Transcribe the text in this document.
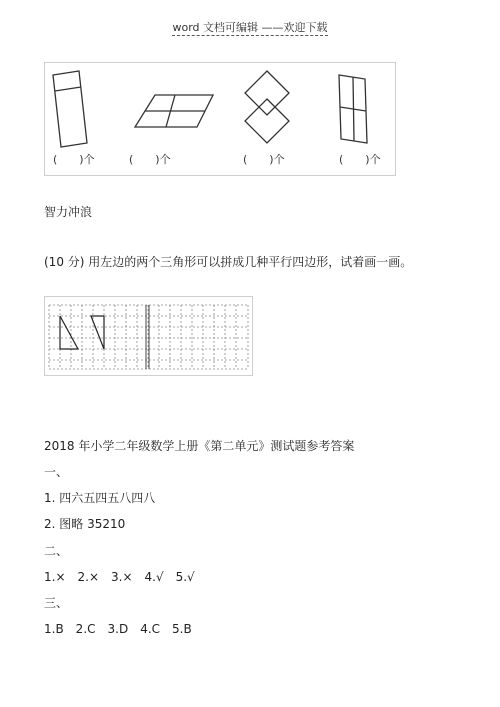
word 文档可编辑 ——欢迎下载
(　　)个	(　　)个	(　　)个	(　　)个
智力冲浪
(10 分) 用左边的两个三角形可以拼成几种平行四边形，试着画一画。
2018 年小学二年级数学上册《第二单元》测试题参考答案
一、
1. 四六五四五八四八
2. 图略 35210
二、
1.×　2.×　3.×　4.√　5.√
三、
1.B　2.C　3.D　4.C　5.B
